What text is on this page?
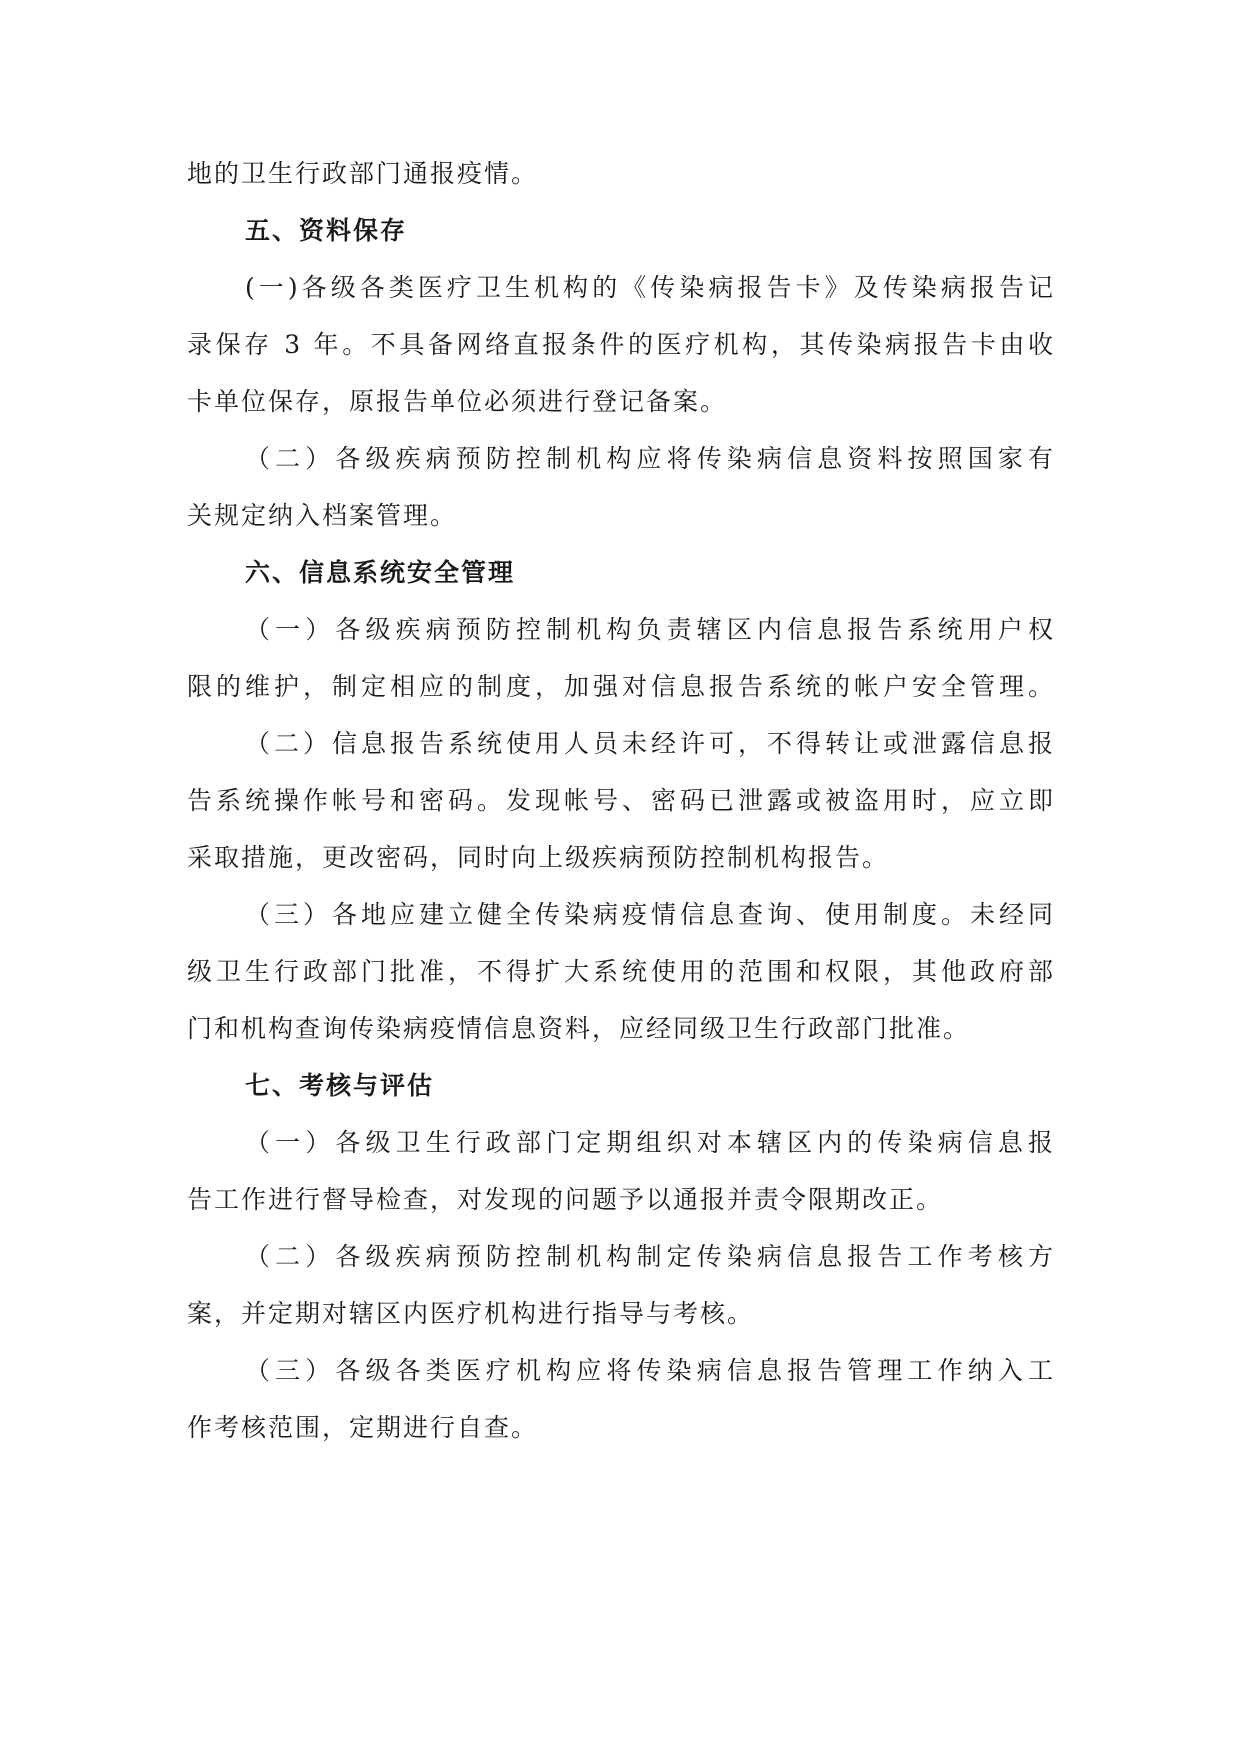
地的卫生行政部门通报疫情。
五、资料保存
(一)各级各类医疗卫生机构的《传染病报告卡》及传染病报告记
录保存 3 年。不具备网络直报条件的医疗机构，其传染病报告卡由收
卡单位保存，原报告单位必须进行登记备案。
（二）各级疾病预防控制机构应将传染病信息资料按照国家有
关规定纳入档案管理。
六、信息系统安全管理
（一）各级疾病预防控制机构负责辖区内信息报告系统用户权
限的维护，制定相应的制度，加强对信息报告系统的帐户安全管理。
（二）信息报告系统使用人员未经许可，不得转让或泄露信息报
告系统操作帐号和密码。发现帐号、密码已泄露或被盗用时，应立即
采取措施，更改密码，同时向上级疾病预防控制机构报告。
（三）各地应建立健全传染病疫情信息查询、使用制度。未经同
级卫生行政部门批准，不得扩大系统使用的范围和权限，其他政府部
门和机构查询传染病疫情信息资料，应经同级卫生行政部门批准。
七、考核与评估
（一）各级卫生行政部门定期组织对本辖区内的传染病信息报
告工作进行督导检查，对发现的问题予以通报并责令限期改正。
（二）各级疾病预防控制机构制定传染病信息报告工作考核方
案，并定期对辖区内医疗机构进行指导与考核。
（三）各级各类医疗机构应将传染病信息报告管理工作纳入工
作考核范围，定期进行自查。
